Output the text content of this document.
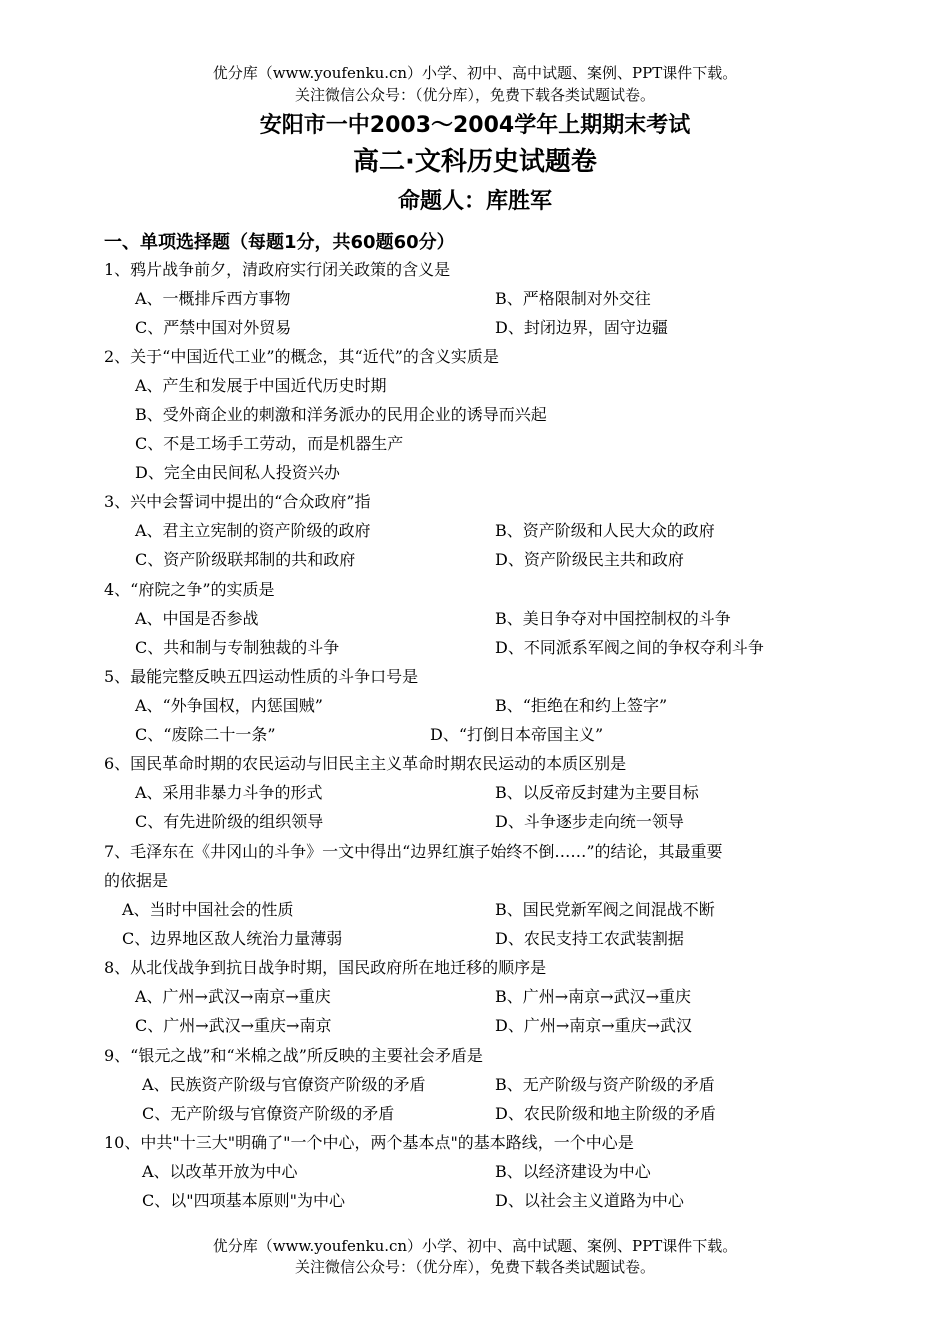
优分库（www.youfenku.cn）小学、初中、高中试题、案例、PPT课件下载。
关注微信公众号：（优分库），免费下载各类试题试卷。
安阳市一中2003～2004学年上期期末考试
高二·文科历史试题卷
命题人：库胜军
一、单项选择题（每题1分，共60题60分）
1、鸦片战争前夕，清政府实行闭关政策的含义是
A、一概排斥西方事物	B、严格限制对外交往
C、严禁中国对外贸易	D、封闭边界，固守边疆
2、关于“中国近代工业”的概念，其“近代”的含义实质是
A、产生和发展于中国近代历史时期
B、受外商企业的刺激和洋务派办的民用企业的诱导而兴起
C、不是工场手工劳动，而是机器生产
D、完全由民间私人投资兴办
3、兴中会誓词中提出的“合众政府”指
A、君主立宪制的资产阶级的政府	B、资产阶级和人民大众的政府
C、资产阶级联邦制的共和政府	D、资产阶级民主共和政府
4、“府院之争”的实质是
A、中国是否参战	B、美日争夺对中国控制权的斗争
C、共和制与专制独裁的斗争	D、不同派系军阀之间的争权夺利斗争
5、最能完整反映五四运动性质的斗争口号是
A、“外争国权，内惩国贼”	B、“拒绝在和约上签字”
C、“废除二十一条”	D、“打倒日本帝国主义”
6、国民革命时期的农民运动与旧民主主义革命时期农民运动的本质区别是
A、采用非暴力斗争的形式	B、以反帝反封建为主要目标
C、有先进阶级的组织领导	D、斗争逐步走向统一领导
7、毛泽东在《井冈山的斗争》一文中得出“边界红旗子始终不倒……”的结论，其最重要
的依据是
A、当时中国社会的性质	B、国民党新军阀之间混战不断
C、边界地区敌人统治力量薄弱	D、农民支持工农武装割据
8、从北伐战争到抗日战争时期，国民政府所在地迁移的顺序是
A、广州→武汉→南京→重庆	B、广州→南京→武汉→重庆
C、广州→武汉→重庆→南京	D、广州→南京→重庆→武汉
9、“银元之战”和“米棉之战”所反映的主要社会矛盾是
A、民族资产阶级与官僚资产阶级的矛盾	B、无产阶级与资产阶级的矛盾
C、无产阶级与官僚资产阶级的矛盾	D、农民阶级和地主阶级的矛盾
10、中共"十三大"明确了"一个中心，两个基本点"的基本路线，一个中心是
A、以改革开放为中心	B、以经济建设为中心
C、以"四项基本原则"为中心	D、以社会主义道路为中心
优分库（www.youfenku.cn）小学、初中、高中试题、案例、PPT课件下载。
关注微信公众号：（优分库），免费下载各类试题试卷。
